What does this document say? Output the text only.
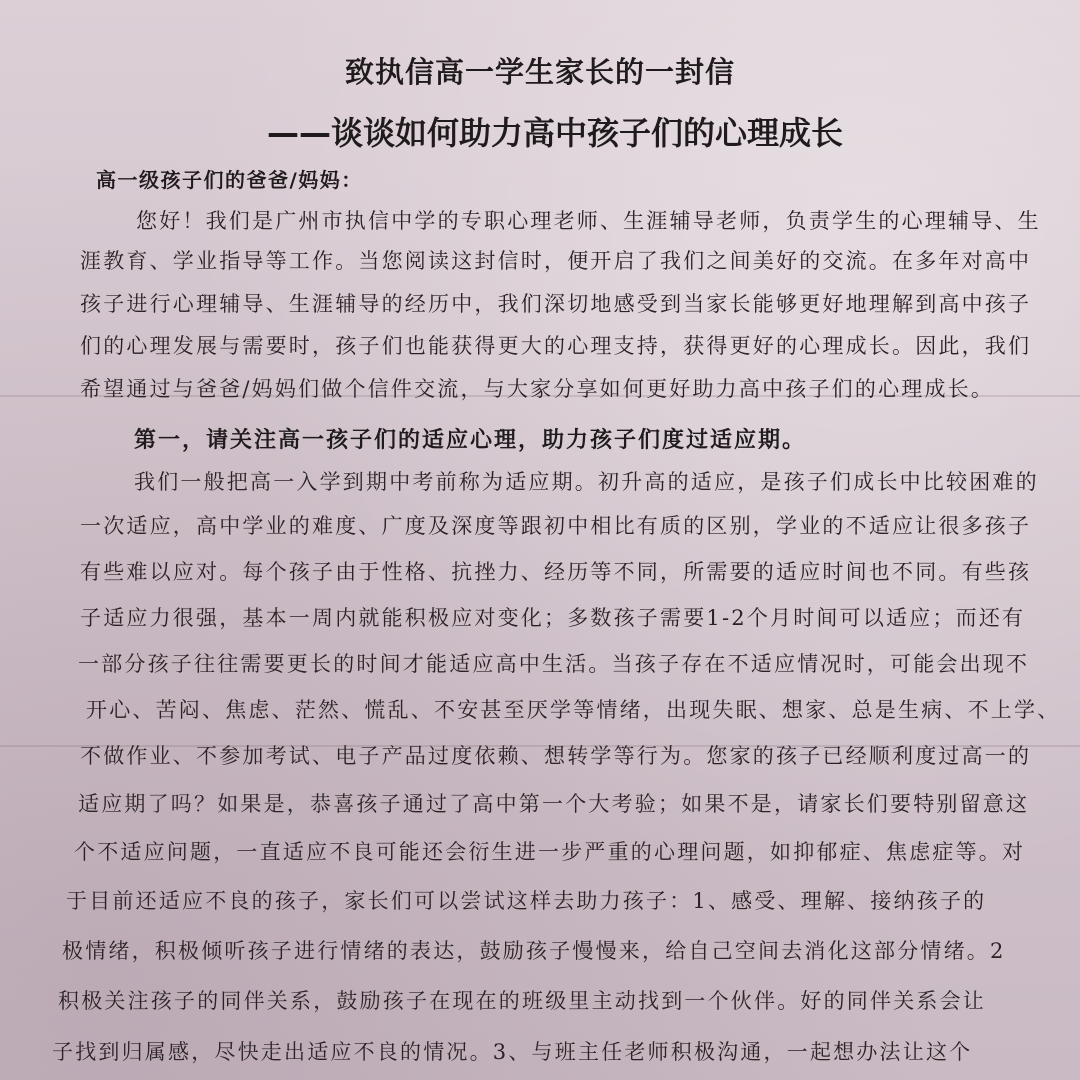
致执信高一学生家长的一封信
——谈谈如何助力高中孩子们的心理成长
高一级孩子们的爸爸/妈妈：
您好！我们是广州市执信中学的专职心理老师、生涯辅导老师，负责学生的心理辅导、生
涯教育、学业指导等工作。当您阅读这封信时，便开启了我们之间美好的交流。在多年对高中
孩子进行心理辅导、生涯辅导的经历中，我们深切地感受到当家长能够更好地理解到高中孩子
们的心理发展与需要时，孩子们也能获得更大的心理支持，获得更好的心理成长。因此，我们
希望通过与爸爸/妈妈们做个信件交流，与大家分享如何更好助力高中孩子们的心理成长。
第一，请关注高一孩子们的适应心理，助力孩子们度过适应期。
我们一般把高一入学到期中考前称为适应期。初升高的适应，是孩子们成长中比较困难的
一次适应，高中学业的难度、广度及深度等跟初中相比有质的区别，学业的不适应让很多孩子
有些难以应对。每个孩子由于性格、抗挫力、经历等不同，所需要的适应时间也不同。有些孩
子适应力很强，基本一周内就能积极应对变化；多数孩子需要1-2个月时间可以适应；而还有
一部分孩子往往需要更长的时间才能适应高中生活。当孩子存在不适应情况时，可能会出现不
开心、苦闷、焦虑、茫然、慌乱、不安甚至厌学等情绪，出现失眠、想家、总是生病、不上学、
不做作业、不参加考试、电子产品过度依赖、想转学等行为。您家的孩子已经顺利度过高一的
适应期了吗？如果是，恭喜孩子通过了高中第一个大考验；如果不是，请家长们要特别留意这
个不适应问题，一直适应不良可能还会衍生进一步严重的心理问题，如抑郁症、焦虑症等。对
于目前还适应不良的孩子，家长们可以尝试这样去助力孩子：1、感受、理解、接纳孩子的
极情绪，积极倾听孩子进行情绪的表达，鼓励孩子慢慢来，给自己空间去消化这部分情绪。2
积极关注孩子的同伴关系，鼓励孩子在现在的班级里主动找到一个伙伴。好的同伴关系会让
子找到归属感，尽快走出适应不良的情况。3、与班主任老师积极沟通，一起想办法让这个
